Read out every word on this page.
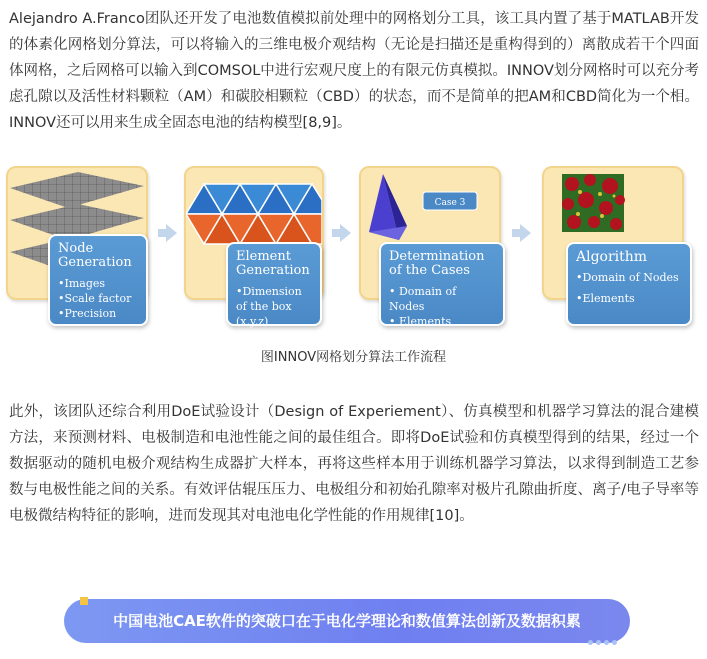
Alejandro A.Franco团队还开发了电池数值模拟前处理中的网格划分工具，该工具内置了基于MATLAB开发的体素化网格划分算法，可以将输入的三维电极介观结构（无论是扫描还是重构得到的）离散成若干个四面体网格，之后网格可以输入到COMSOL中进行宏观尺度上的有限元仿真模拟。INNOV划分网格时可以充分考虑孔隙以及活性材料颗粒（AM）和碳胶相颗粒（CBD）的状态，而不是简单的把AM和CBD简化为一个相。INNOV还可以用来生成全固态电池的结构模型[8,9]。

Node Generation
•Images
•Scale factor
•Precision
Element Generation
•Dimension of the box (x,y,z)
Case 3
Determination of the Cases
• Domain of Nodes
• Elements
Algorithm
•Domain of Nodes
•Elements
图INNOV网格划分算法工作流程

此外，该团队还综合利用DoE试验设计（Design of Experiement）、仿真模型和机器学习算法的混合建模方法，来预测材料、电极制造和电池性能之间的最佳组合。即将DoE试验和仿真模型得到的结果，经过一个数据驱动的随机电极介观结构生成器扩大样本，再将这些样本用于训练机器学习算法，以求得到制造工艺参数与电极性能之间的关系。有效评估辊压压力、电极组分和初始孔隙率对极片孔隙曲折度、离子/电子导率等电极微结构特征的影响，进而发现其对电池电化学性能的作用规律[10]。

中国电池CAE软件的突破口在于电化学理论和数值算法创新及数据积累
